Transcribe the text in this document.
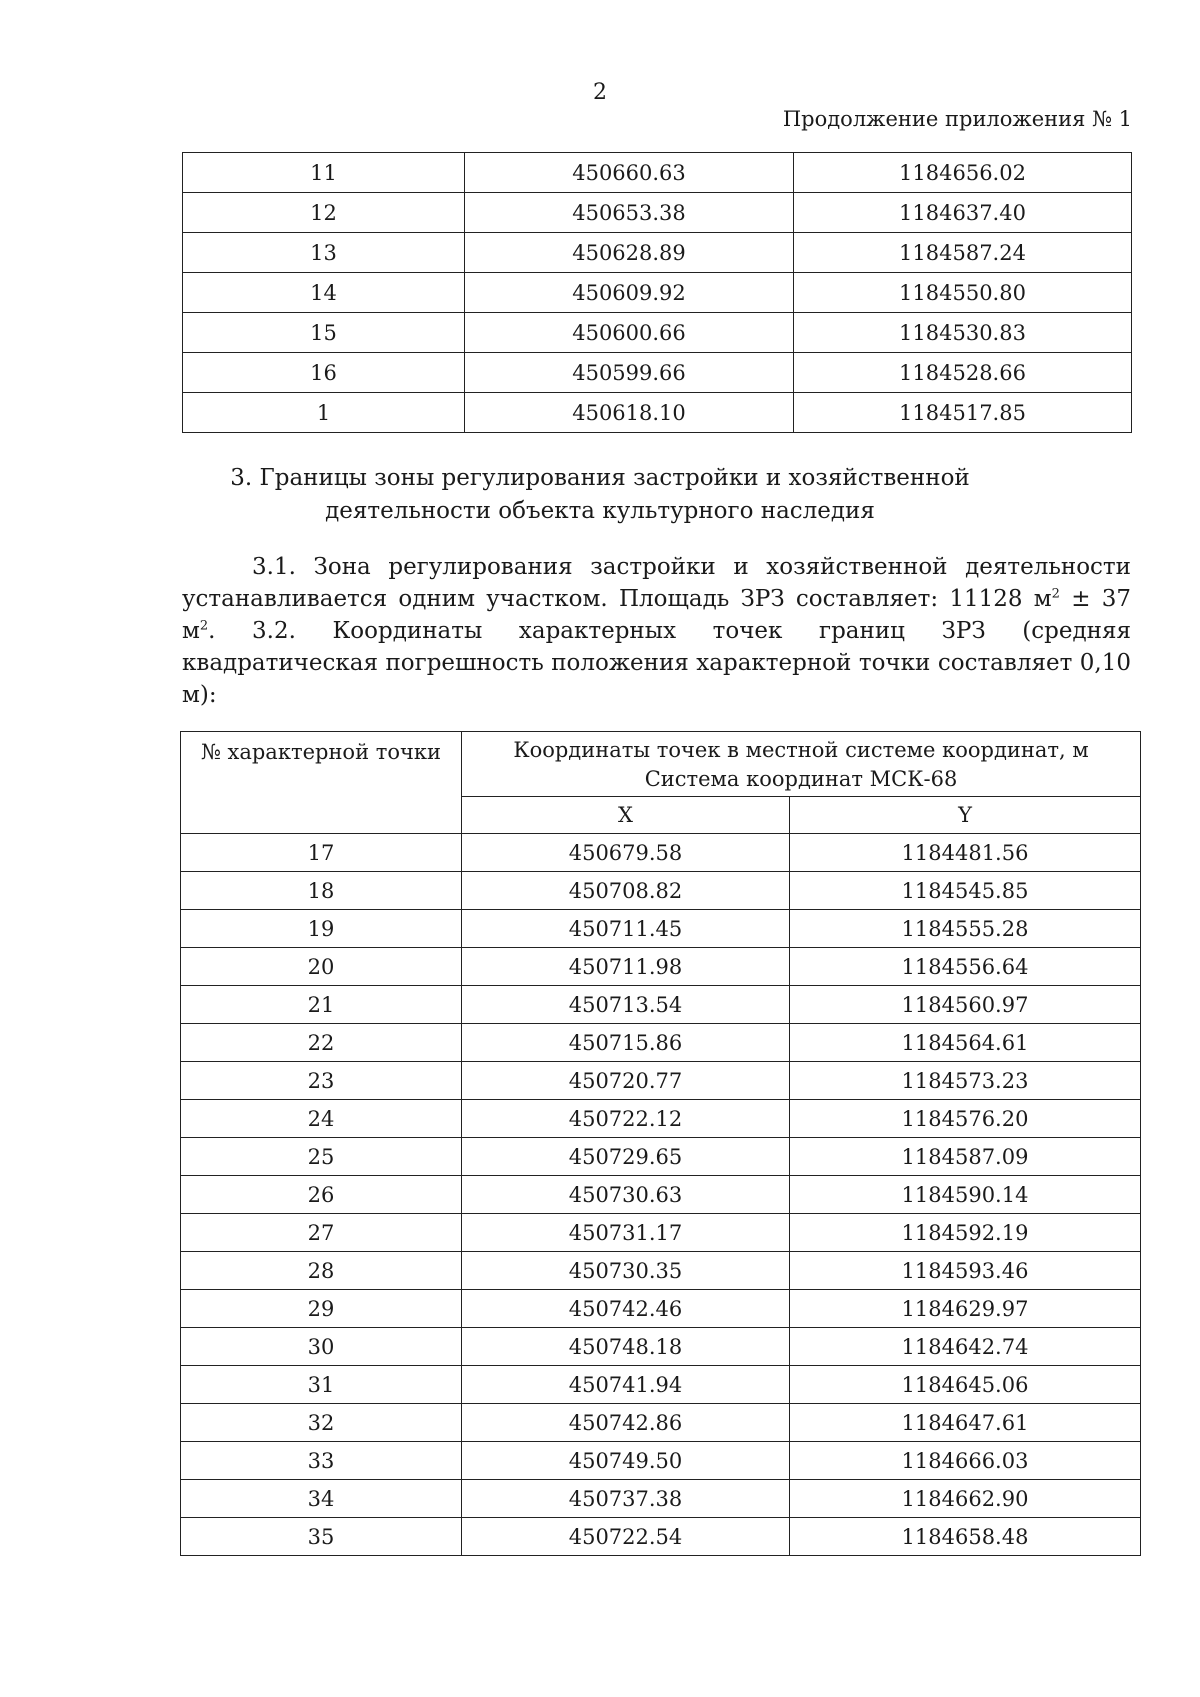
2
Продолжение приложения № 1
11	450660.63	1184656.02
12	450653.38	1184637.40
13	450628.89	1184587.24
14	450609.92	1184550.80
15	450600.66	1184530.83
16	450599.66	1184528.66
1	450618.10	1184517.85
3. Границы зоны регулирования застройки и хозяйственной
деятельности объекта культурного наследия

3.1. Зона регулирования застройки и хозяйственной деятельности устанавливается одним участком. Площадь ЗРЗ составляет: 11128 $м^2 \pm 37$ $м^2$.	3.2. Координаты характерных точек границ ЗРЗ (средняя квадратическая погрешность положения характерной точки составляет 0,10 м):

№ характерной точки	Координаты точек в местной системе координат, м
Система координат МСК-68	

	X	Y
17	450679.58	1184481.56
18	450708.82	1184545.85
19	450711.45	1184555.28
20	450711.98	1184556.64
21	450713.54	1184560.97
22	450715.86	1184564.61
23	450720.77	1184573.23
24	450722.12	1184576.20
25	450729.65	1184587.09
26	450730.63	1184590.14
27	450731.17	1184592.19
28	450730.35	1184593.46
29	450742.46	1184629.97
30	450748.18	1184642.74
31	450741.94	1184645.06
32	450742.86	1184647.61
33	450749.50	1184666.03
34	450737.38	1184662.90
35	450722.54	1184658.48
